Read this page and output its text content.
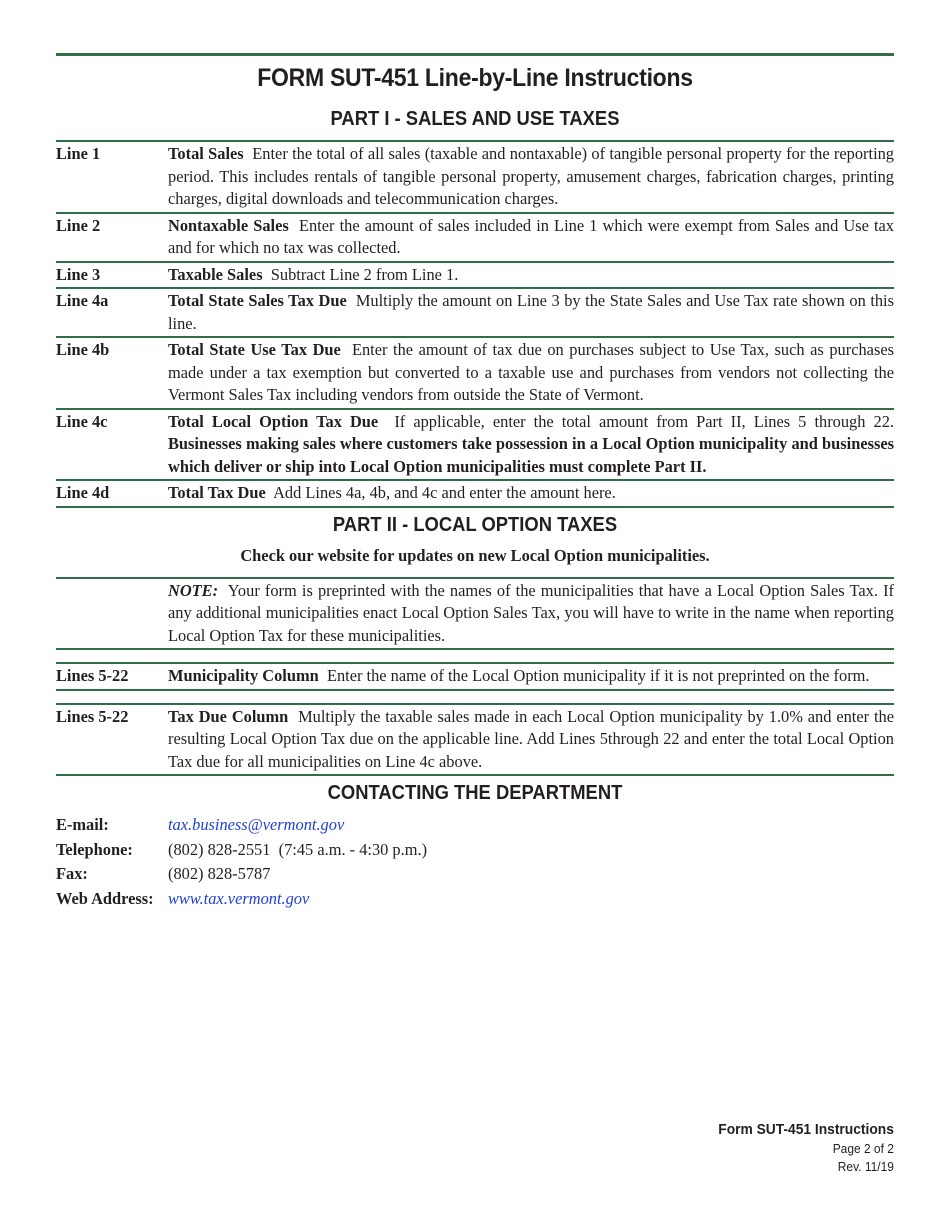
FORM SUT-451 Line-by-Line Instructions
PART I - SALES AND USE TAXES
Line 1	Total Sales Enter the total of all sales (taxable and nontaxable) of tangible personal property for the reporting period. This includes rentals of tangible personal property, amusement charges, fabrication charges, printing charges, digital downloads and telecommunication charges.
Line 2	Nontaxable Sales Enter the amount of sales included in Line 1 which were exempt from Sales and Use tax and for which no tax was collected.
Line 3	Taxable Sales Subtract Line 2 from Line 1.
Line 4a	Total State Sales Tax Due Multiply the amount on Line 3 by the State Sales and Use Tax rate shown on this line.
Line 4b	Total State Use Tax Due Enter the amount of tax due on purchases subject to Use Tax, such as purchases made under a tax exemption but converted to a taxable use and purchases from vendors not collecting the Vermont Sales Tax including vendors from outside the State of Vermont.
Line 4c	Total Local Option Tax Due If applicable, enter the total amount from Part II, Lines 5 through 22. Businesses making sales where customers take possession in a Local Option municipality and businesses which deliver or ship into Local Option municipalities must complete Part II.
Line 4d	Total Tax Due Add Lines 4a, 4b, and 4c and enter the amount here.
PART II - LOCAL OPTION TAXES
Check our website for updates on new Local Option municipalities.
NOTE: Your form is preprinted with the names of the municipalities that have a Local Option Sales Tax. If any additional municipalities enact Local Option Sales Tax, you will have to write in the name when reporting Local Option Tax for these municipalities.
Lines 5-22	Municipality Column Enter the name of the Local Option municipality if it is not preprinted on the form.
Lines 5-22	Tax Due Column Multiply the taxable sales made in each Local Option municipality by 1.0% and enter the resulting Local Option Tax due on the applicable line. Add Lines 5through 22 and enter the total Local Option Tax due for all municipalities on Line 4c above.
CONTACTING THE DEPARTMENT
E-mail:	tax.business@vermont.gov
Telephone:	(802) 828-2551  (7:45 a.m. - 4:30 p.m.)
Fax:	(802) 828-5787
Web Address: www.tax.vermont.gov
Form SUT-451 Instructions
Page 2 of 2
Rev. 11/19
